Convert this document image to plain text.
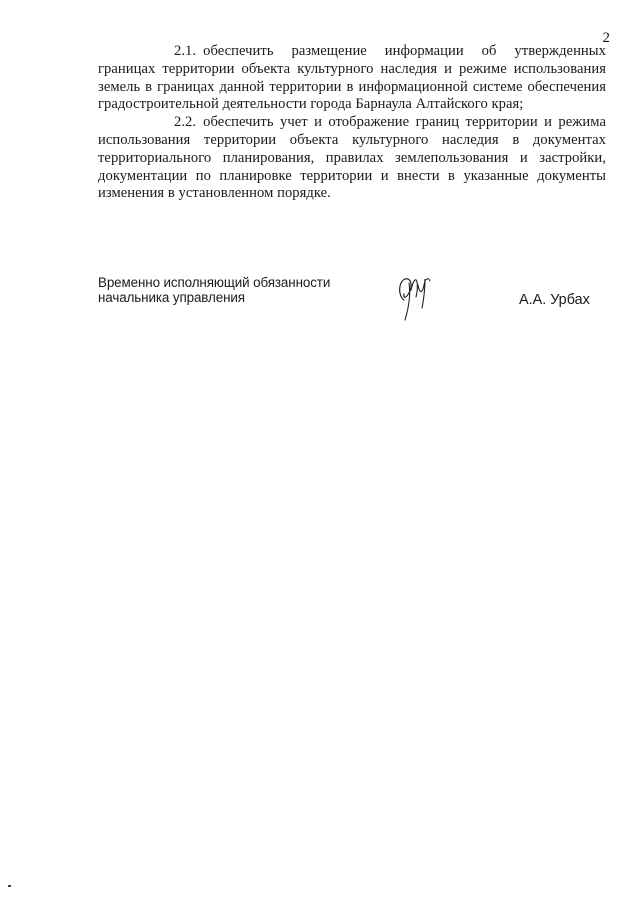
2

2.1. обеспечить размещение информации об утвержденных границах территории объекта культурного наследия и режиме использования земель в границах данной территории в информационной системе обеспечения градостроительной деятельности города Барнаула Алтайского края;

2.2. обеспечить учет и отображение границ территории и режима использования территории объекта культурного наследия в документах территориального планирования, правилах землепользования и застройки, документации по планировке территории и внести в указанные документы изменения в установленном порядке.

Временно исполняющий обязанности
начальника управления	А.А. Урбах
